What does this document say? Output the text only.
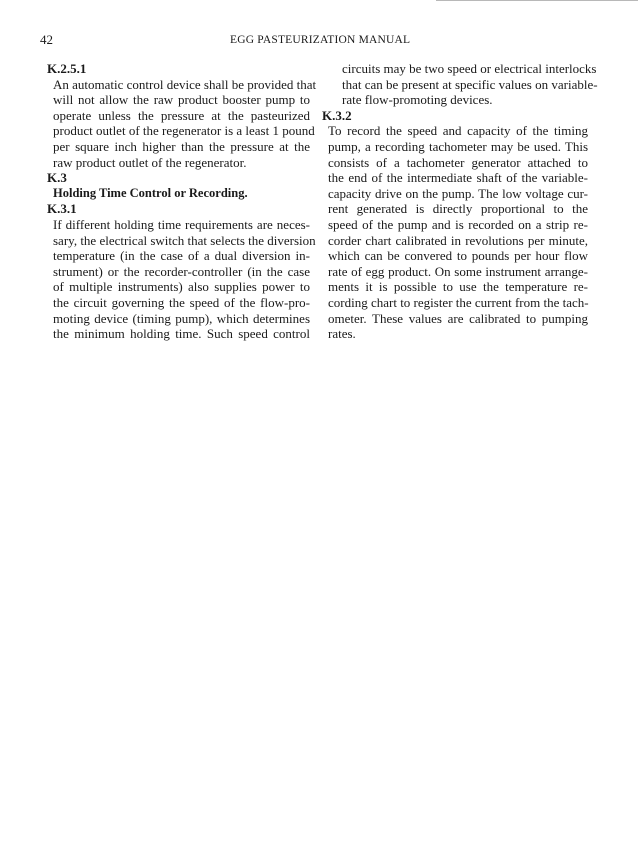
42	EGG PASTEURIZATION MANUAL
K.2.5.1
An automatic control device shall be provided that
will not allow the raw product booster pump to
operate unless the pressure at the pasteurized
product outlet of the regenerator is a least 1 pound
per square inch higher than the pressure at the
raw product outlet of the regenerator.
K.3
Holding Time Control or Recording.
K.3.1
If different holding time requirements are neces-
sary, the electrical switch that selects the diversion
temperature (in the case of a dual diversion in-
strument) or the recorder-controller (in the case
of multiple instruments) also supplies power to
the circuit governing the speed of the flow-pro-
moting device (timing pump), which determines
the minimum holding time. Such speed control
circuits may be two speed or electrical interlocks
that can be present at specific values on variable-
rate flow-promoting devices.
K.3.2
To record the speed and capacity of the timing
pump, a recording tachometer may be used. This
consists of a tachometer generator attached to
the end of the intermediate shaft of the variable-
capacity drive on the pump. The low voltage cur-
rent generated is directly proportional to the
speed of the pump and is recorded on a strip re-
corder chart calibrated in revolutions per minute,
which can be convered to pounds per hour flow
rate of egg product. On some instrument arrange-
ments it is possible to use the temperature re-
cording chart to register the current from the tach-
ometer. These values are calibrated to pumping
rates.
